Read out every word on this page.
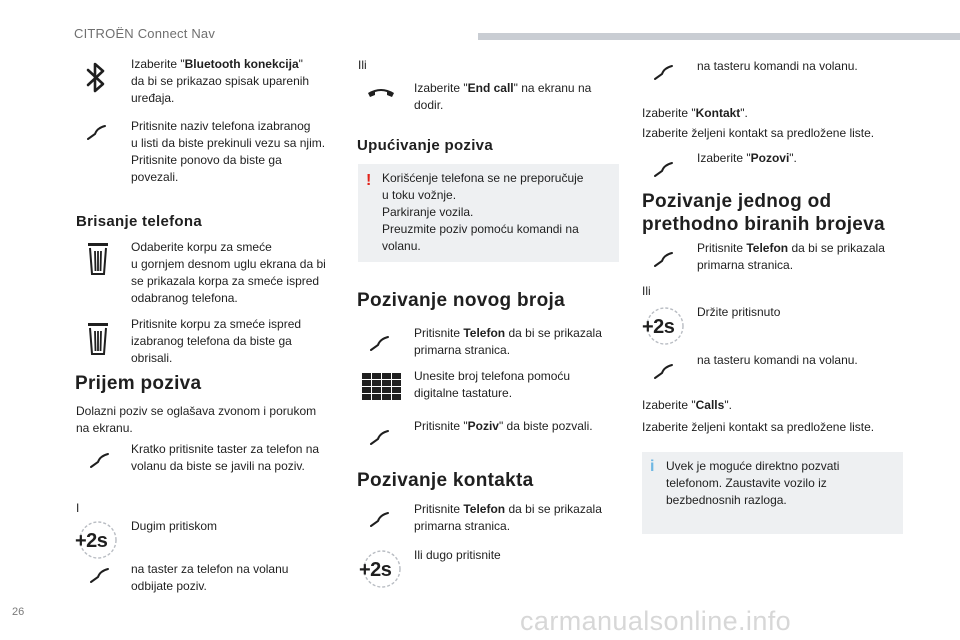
CITROËN Connect Nav
Izaberite "Bluetooth konekcija"
da bi se prikazao spisak uparenih
uređaja.
Pritisnite naziv telefona izabranog
u listi da biste prekinuli vezu sa njim.
Pritisnite ponovo da biste ga
povezali.
Brisanje telefona
Odaberite korpu za smeće
u gornjem desnom uglu ekrana da bi
se prikazala korpa za smeće ispred
odabranog telefona.
Pritisnite korpu za smeće ispred
izabranog telefona da biste ga
obrisali.
Prijem poziva
Dolazni poziv se oglašava zvonom i porukom
na ekranu.
Kratko pritisnite taster za telefon na
volanu da biste se javili na poziv.
I
+2s
Dugim pritiskom
na taster za telefon na volanu
odbijate poziv.
Ili
Izaberite "End call" na ekranu na
dodir.
Upućivanje poziva
! Korišćenje telefona se ne preporučuje
u toku vožnje.
Parkiranje vozila.
Preuzmite poziv pomoću komandi na
volanu.
Pozivanje novog broja
Pritisnite Telefon da bi se prikazala
primarna stranica.
Unesite broj telefona pomoću
digitalne tastature.
Pritisnite "Poziv" da biste pozvali.
Pozivanje kontakta
Pritisnite Telefon da bi se prikazala
primarna stranica.
+2s
Ili dugo pritisnite
na tasteru komandi na volanu.
Izaberite "Kontakt".
Izaberite željeni kontakt sa predložene liste.
Izaberite "Pozovi".
Pozivanje jednog od
prethodno biranih brojeva
Pritisnite Telefon da bi se prikazala
primarna stranica.
Ili
+2s
Držite pritisnuto
na tasteru komandi na volanu.
Izaberite "Calls".
Izaberite željeni kontakt sa predložene liste.
i Uvek je moguće direktno pozvati
telefonom. Zaustavite vozilo iz
bezbednosnih razloga.
26	carmanualsonline.info
